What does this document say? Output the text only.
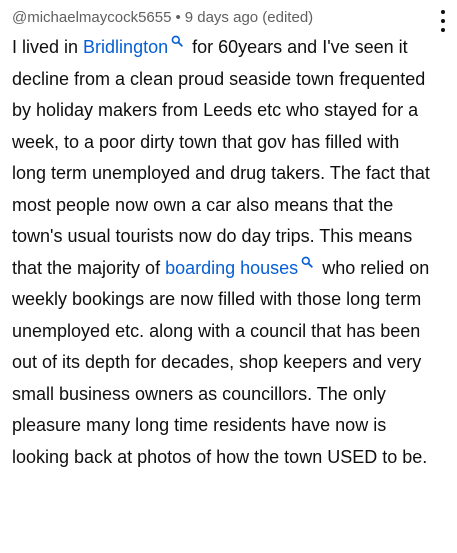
@michaelmaycock5655 • 9 days ago (edited)
I lived in Bridlington
for 60years and I've seen it decline from a clean proud seaside town frequented by holiday makers from Leeds etc who stayed for a week, to a poor dirty town that gov has filled with long term unemployed and drug takers. The fact that most people now own a car also means that the town's usual tourists now do day trips. This means that the majority of boarding houses
who relied on weekly bookings are now filled with those long term unemployed etc. along with a council that has been out of its depth for decades, shop keepers and very small business owners as councillors. The only pleasure many long time residents have now is looking back at photos of how the town USED to be.
